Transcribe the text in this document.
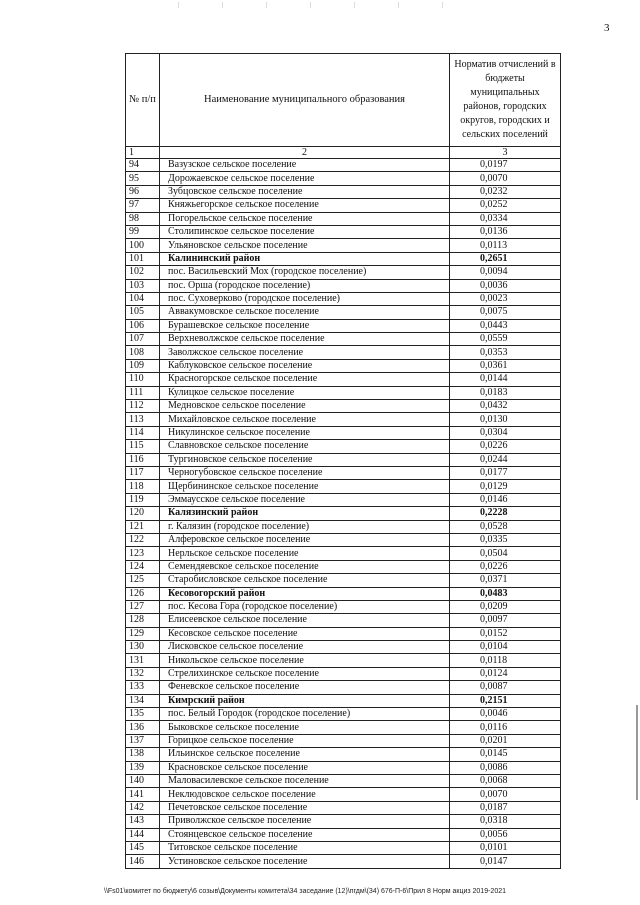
3
№ п/п	Наименование муниципального образования	Норматив отчислений в бюджеты муниципальных районов, городских округов, городских и сельских поселений
1	2	3
94	Вазузское сельское поселение	0,0197
95	Дорожаевское сельское поселение	0,0070
96	Зубцовское сельское поселение	0,0232
97	Княжьегорское сельское поселение	0,0252
98	Погорельское сельское поселение	0,0334
99	Столипинское сельское поселение	0,0136
100	Ульяновское сельское поселение	0,0113
101	Калининский район	0,2651
102	пос. Васильевский Мох (городское поселение)	0,0094
103	пос. Орша (городское поселение)	0,0036
104	пос. Суховерково (городское поселение)	0,0023
105	Аввакумовское сельское поселение	0,0075
106	Бурашевское сельское поселение	0,0443
107	Верхневолжское сельское поселение	0,0559
108	Заволжское сельское поселение	0,0353
109	Каблуковское сельское поселение	0,0361
110	Красногорское сельское поселение	0,0144
111	Кулицкое сельское поселение	0,0183
112	Медновское сельское поселение	0,0432
113	Михайловское сельское поселение	0,0130
114	Никулинское сельское поселение	0,0304
115	Славновское сельское поселение	0,0226
116	Тургиновское сельское поселение	0,0244
117	Черногубовское сельское поселение	0,0177
118	Щербининское сельское поселение	0,0129
119	Эммаусское сельское поселение	0,0146
120	Калязинский район	0,2228
121	г. Калязин (городское поселение)	0,0528
122	Алферовское сельское поселение	0,0335
123	Нерльское сельское поселение	0,0504
124	Семендяевское сельское поселение	0,0226
125	Старобисловское сельское поселение	0,0371
126	Кесовогорский район	0,0483
127	пос. Кесова Гора (городское поселение)	0,0209
128	Елисеевское сельское поселение	0,0097
129	Кесовское сельское поселение	0,0152
130	Лисковское сельское поселение	0,0104
131	Никольское сельское поселение	0,0118
132	Стрелихинское сельское поселение	0,0124
133	Феневское сельское поселение	0,0087
134	Кимрский район	0,2151
135	пос. Белый Городок (городское поселение)	0,0046
136	Быковское сельское поселение	0,0116
137	Горицкое сельское поселение	0,0201
138	Ильинское сельское поселение	0,0145
139	Красновское сельское поселение	0,0086
140	Маловасилевское сельское поселение	0,0068
141	Неклюдовское сельское поселение	0,0070
142	Печетовское сельское поселение	0,0187
143	Приволжское сельское поселение	0,0318
144	Стоянцевское сельское поселение	0,0056
145	Титовское сельское поселение	0,0101
146	Устиновское сельское поселение	0,0147
\\Fs01\комитет по бюджету\6 созыв\Документы комитета\34 заседание (12)\пгдм\(34) 676-П-6\Прил 8 Норм акциз 2019-2021
